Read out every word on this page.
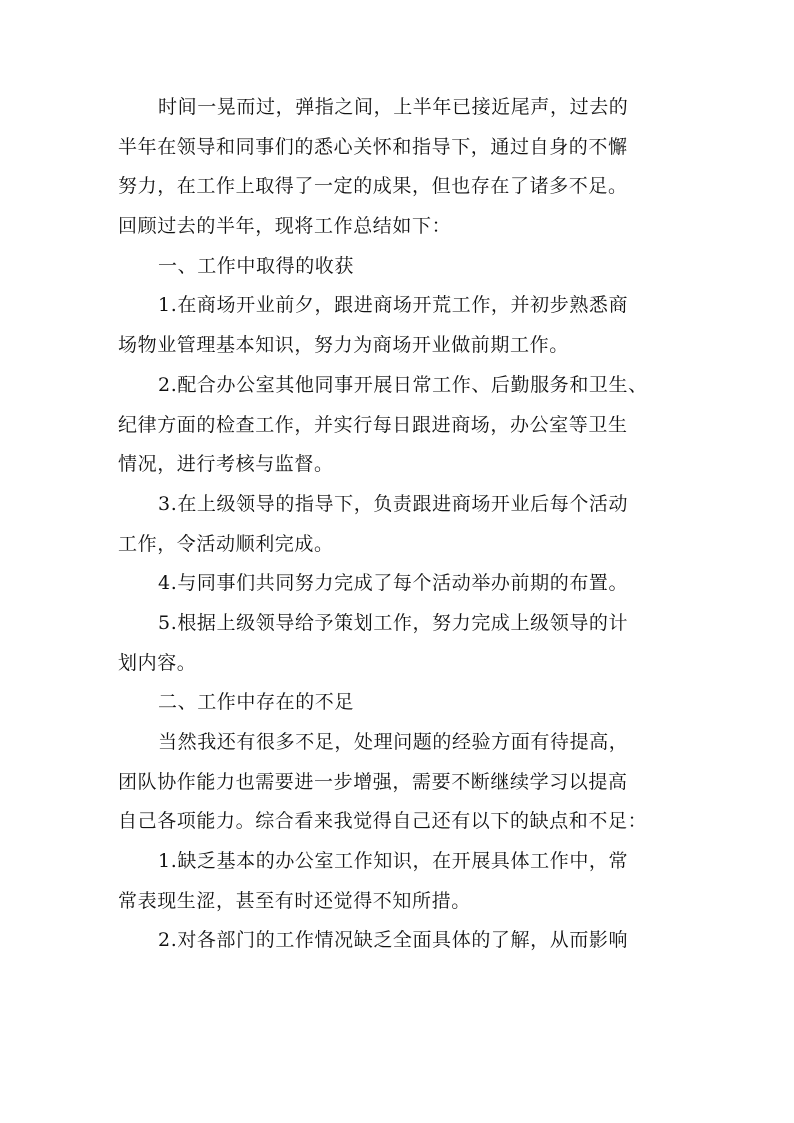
时间一晃而过，弹指之间，上半年已接近尾声，过去的
半年在领导和同事们的悉心关怀和指导下，通过自身的不懈
努力，在工作上取得了一定的成果，但也存在了诸多不足。
回顾过去的半年，现将工作总结如下：
一、工作中取得的收获
1.在商场开业前夕，跟进商场开荒工作，并初步熟悉商
场物业管理基本知识，努力为商场开业做前期工作。
2.配合办公室其他同事开展日常工作、后勤服务和卫生、
纪律方面的检查工作，并实行每日跟进商场，办公室等卫生
情况，进行考核与监督。
3.在上级领导的指导下，负责跟进商场开业后每个活动
工作，令活动顺利完成。
4.与同事们共同努力完成了每个活动举办前期的布置。
5.根据上级领导给予策划工作，努力完成上级领导的计
划内容。
二、工作中存在的不足
当然我还有很多不足，处理问题的经验方面有待提高，
团队协作能力也需要进一步增强，需要不断继续学习以提高
自己各项能力。综合看来我觉得自己还有以下的缺点和不足：
1.缺乏基本的办公室工作知识，在开展具体工作中，常
常表现生涩，甚至有时还觉得不知所措。
2.对各部门的工作情况缺乏全面具体的了解，从而影响
